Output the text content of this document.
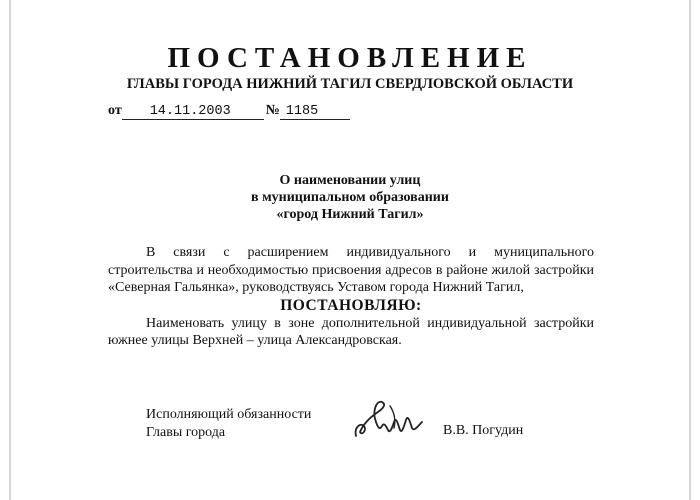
ПОСТАНОВЛЕНИЕ
ГЛАВЫ ГОРОДА НИЖНИЙ ТАГИЛ СВЕРДЛОВСКОЙ ОБЛАСТИ
от 14.11.2003 № 1185
О наименовании улиц
в муниципальном образовании
«город Нижний Тагил»

В связи с расширением индивидуального и муниципального строительства и необходимостью присвоения адресов в районе жилой застройки «Северная Гальянка», руководствуясь Уставом города Нижний Тагил,

ПОСТАНОВЛЯЮ:

Наименовать улицу в зоне дополнительной индивидуальной застройки южнее улицы Верхней – улица Александровская.

Исполняющий обязанности
Главы города	В.В. Погудин
